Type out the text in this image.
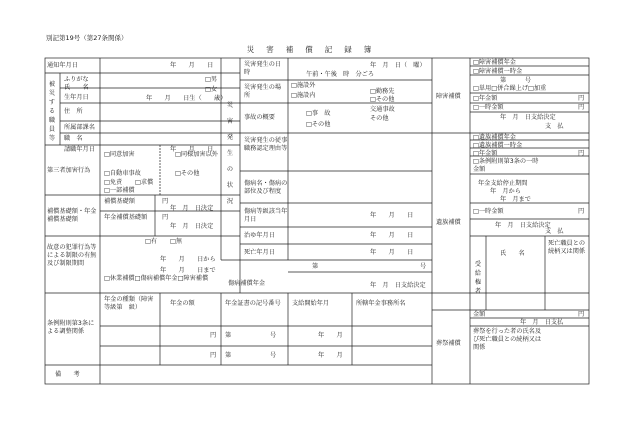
別記第19号（第27条関係）
災害補償記録簿
通知年月日	年　　月　　日
被災する職員等
ふりがな
氏　　名
生年月日
□男
□女
年　　月　　日生（　　歳）
住　所
所属部課名
職　名
請職年月日	年　　月　　日
第三者加害行為
□同意加害	□同様加害以外
□自動車事故	□その他
□免責 □求償
□一部補償
補償基礎額・年金補償基礎額
補償基礎額
年金補償基礎額
円
年　月　日決定
円
年　月　日決定
故意の犯罪行為等による制限の有無及び制限期間
□有 □無
年　　月　　日から
年　　月　　日まで
□休業補償□傷病補償年金□障害補償
条例附則第3条による調整関係
年金の種類（障害等級第　級）
年金の額	年金証書の記号番号	支給開始年月	所轄年金事務所名
円 第	号	年　　月
円 第	号	年　　月
備　　考
災害発生の状況
災害発生の日時
年　月　日（　曜）
午前・午後　時　分ごろ
災害発生の場所
□施設外
□施設内
□勤務先
□その他
事故の概要
□事　故
□その他
交通事故
その他
災害発生の従事職務認定理由等
傷病名・傷病の部位及び程度
傷病等級該当年月日
年　　月　　日
治ゆ年月日	年　　月　　日
死亡年月日	年　　月　　日
傷病補償年金
第	号
年　月　日支給決定
障害補償
□障害補償年金
□障害補償一時金
第　　　号
□単用□併合繰上げ□加重
□年金額	円
□一時金額	円
年　月　日支給決定
支　払
遺族補償
□遺族補償年金
□遺族補償一時金
□年金額	円
□条例附則第3条の一時金額
年金支給停止期間
年　月から
年　月まで
□一時金額	円
年　月　日支給決定
支　払
受給権者
氏　　名
死亡職員との続柄又は関係
葬祭補償
金額	円
年　月　日支払
葬祭を行った者の氏名及び死亡職員との続柄又は関係
